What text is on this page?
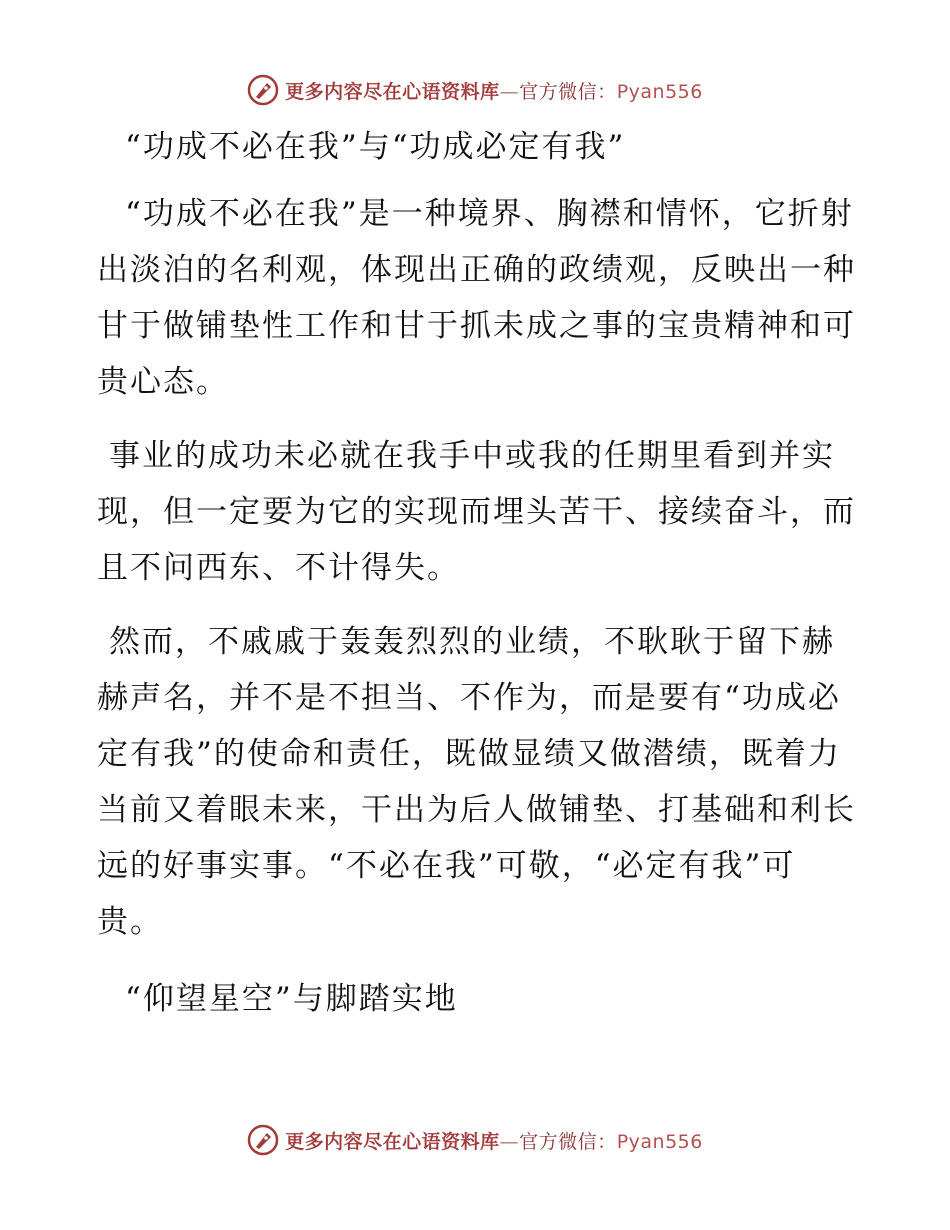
更多内容尽在心语资料库—官方微信：Pyan556
“功成不必在我”与“功成必定有我”

“功成不必在我”是一种境界、胸襟和情怀，它折射出淡泊的名利观，体现出正确的政绩观，反映出一种甘于做铺垫性工作和甘于抓未成之事的宝贵精神和可贵心态。

事业的成功未必就在我手中或我的任期里看到并实现，但一定要为它的实现而埋头苦干、接续奋斗，而且不问西东、不计得失。

然而，不戚戚于轰轰烈烈的业绩，不耿耿于留下赫赫声名，并不是不担当、不作为，而是要有“功成必定有我”的使命和责任，既做显绩又做潜绩，既着力当前又着眼未来，干出为后人做铺垫、打基础和利长远的好事实事。“不必在我”可敬，“必定有我”可贵。

“仰望星空”与脚踏实地
更多内容尽在心语资料库—官方微信：Pyan556
